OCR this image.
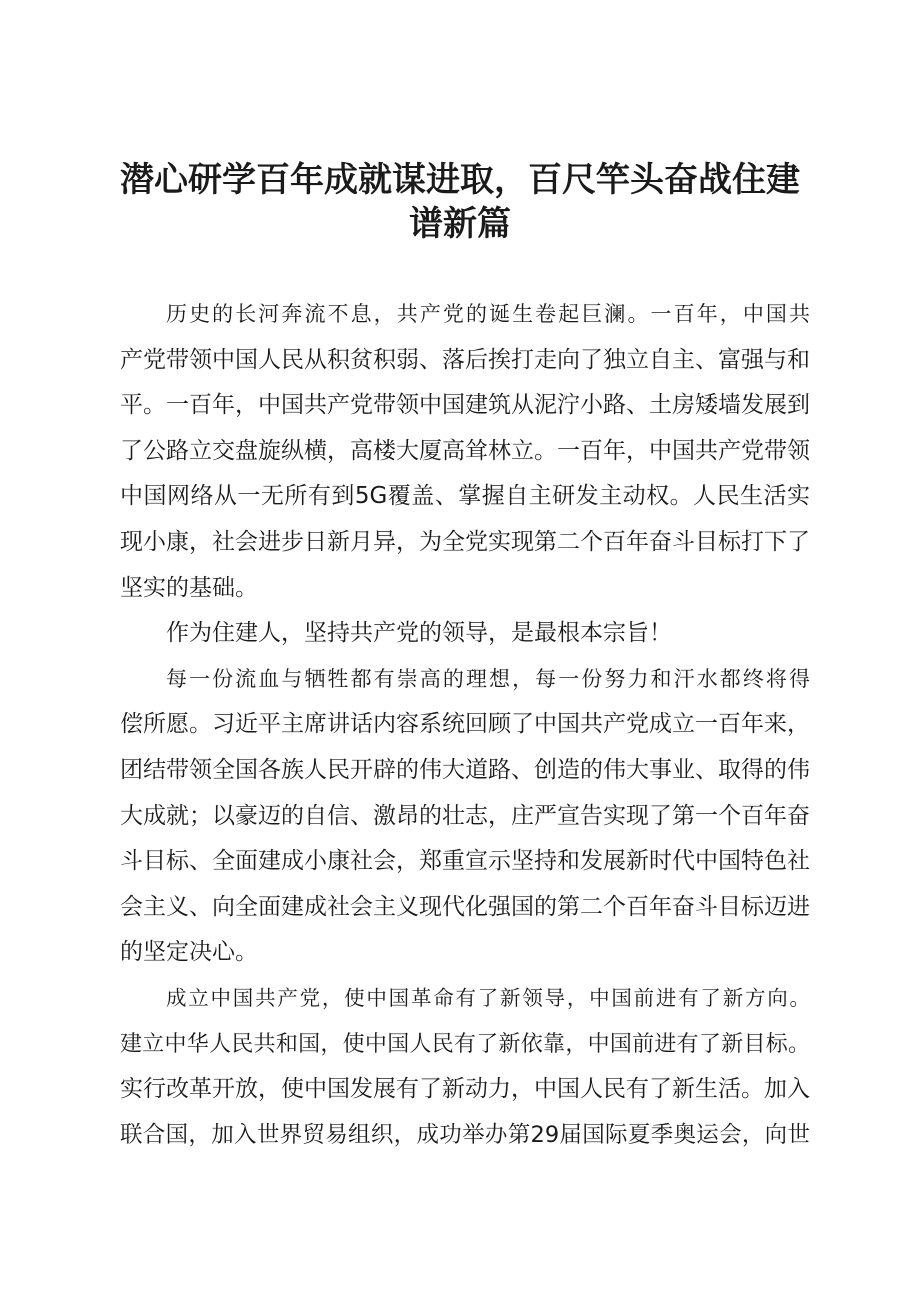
潜心研学百年成就谋进取，百尺竿头奋战住建
谱新篇
历史的长河奔流不息，共产党的诞生卷起巨澜。一百年，中国共
产党带领中国人民从积贫积弱、落后挨打走向了独立自主、富强与和
平。一百年，中国共产党带领中国建筑从泥泞小路、土房矮墙发展到
了公路立交盘旋纵横，高楼大厦高耸林立。一百年，中国共产党带领
中国网络从一无所有到5G覆盖、掌握自主研发主动权。人民生活实
现小康，社会进步日新月异，为全党实现第二个百年奋斗目标打下了
坚实的基础。
作为住建人，坚持共产党的领导，是最根本宗旨！
每一份流血与牺牲都有崇高的理想，每一份努力和汗水都终将得
偿所愿。习近平主席讲话内容系统回顾了中国共产党成立一百年来，
团结带领全国各族人民开辟的伟大道路、创造的伟大事业、取得的伟
大成就；以豪迈的自信、激昂的壮志，庄严宣告实现了第一个百年奋
斗目标、全面建成小康社会，郑重宣示坚持和发展新时代中国特色社
会主义、向全面建成社会主义现代化强国的第二个百年奋斗目标迈进
的坚定决心。
成立中国共产党，使中国革命有了新领导，中国前进有了新方向。
建立中华人民共和国，使中国人民有了新依靠，中国前进有了新目标。
实行改革开放，使中国发展有了新动力，中国人民有了新生活。加入
联合国，加入世界贸易组织，成功举办第29届国际夏季奥运会，向世
